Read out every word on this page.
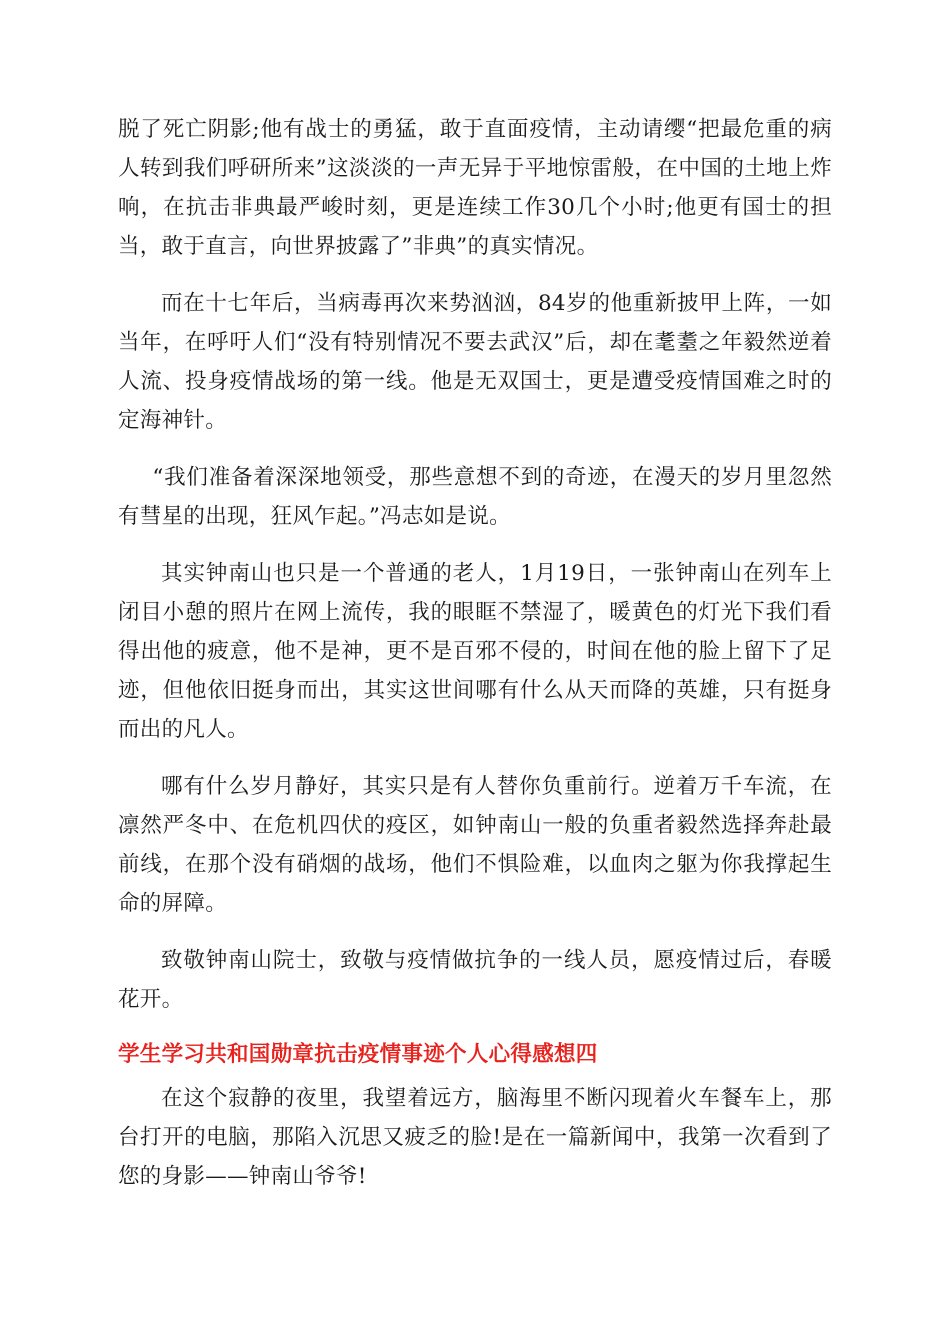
脱了死亡阴影;他有战士的勇猛，敢于直面疫情，主动请缨“把最危重的病人转到我们呼研所来”这淡淡的一声无异于平地惊雷般，在中国的土地上炸响，在抗击非典最严峻时刻，更是连续工作30几个小时;他更有国士的担当，敢于直言，向世界披露了”非典”的真实情况。

而在十七年后，当病毒再次来势汹汹，84岁的他重新披甲上阵，一如当年，在呼吁人们“没有特别情况不要去武汉”后，却在耄耋之年毅然逆着人流、投身疫情战场的第一线。他是无双国士，更是遭受疫情国难之时的定海神针。

“我们准备着深深地领受，那些意想不到的奇迹，在漫天的岁月里忽然有彗星的出现，狂风乍起。”冯志如是说。

其实钟南山也只是一个普通的老人，1月19日，一张钟南山在列车上闭目小憩的照片在网上流传，我的眼眶不禁湿了，暖黄色的灯光下我们看得出他的疲意，他不是神，更不是百邪不侵的，时间在他的脸上留下了足迹，但他依旧挺身而出，其实这世间哪有什么从天而降的英雄，只有挺身而出的凡人。

哪有什么岁月静好，其实只是有人替你负重前行。逆着万千车流，在凛然严冬中、在危机四伏的疫区，如钟南山一般的负重者毅然选择奔赴最前线，在那个没有硝烟的战场，他们不惧险难，以血肉之躯为你我撑起生命的屏障。

致敬钟南山院士，致敬与疫情做抗争的一线人员，愿疫情过后，春暖花开。

学生学习共和国勋章抗击疫情事迹个人心得感想四

在这个寂静的夜里，我望着远方，脑海里不断闪现着火车餐车上，那台打开的电脑，那陷入沉思又疲乏的脸!是在一篇新闻中，我第一次看到了您的身影——钟南山爷爷!
